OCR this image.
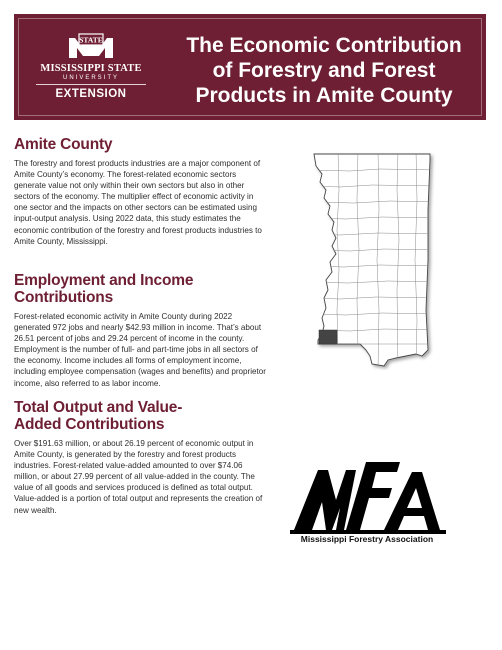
STATE
MISSISSIPPI STATE
UNIVERSITY
EXTENSION
The Economic Contribution
of Forestry and Forest
Products in Amite County
Amite County

The forestry and forest products industries are a major component of Amite County’s economy. The forest-related economic sectors generate value not only within their own sectors but also in other sectors of the economy. The multiplier effect of economic activity in one sector and the impacts on other sectors can be estimated using input-output analysis. Using 2022 data, this study estimates the economic contribution of the forestry and forest products industries to Amite County, Mississippi.

Employment and Income Contributions

Forest-related economic activity in Amite County during 2022 generated 972 jobs and nearly $42.93 million in income. That’s about 26.51 percent of jobs and 29.24 percent of income in the county. Employment is the number of full- and part-time jobs in all sectors of the economy. Income includes all forms of employment income, including employee compensation (wages and benefits) and proprietor income, also referred to as labor income.

Total Output and Value-
Added Contributions

Over $191.63 million, or about 26.19 percent of economic output in Amite County, is generated by the forestry and forest products industries. Forest-related value-added amounted to over $74.06 million, or about 27.99 percent of all value-added in the county. The value of all goods and services produced is defined as total output. Value-added is a portion of total output and represents the creation of new wealth.

Mississippi Forestry Association
